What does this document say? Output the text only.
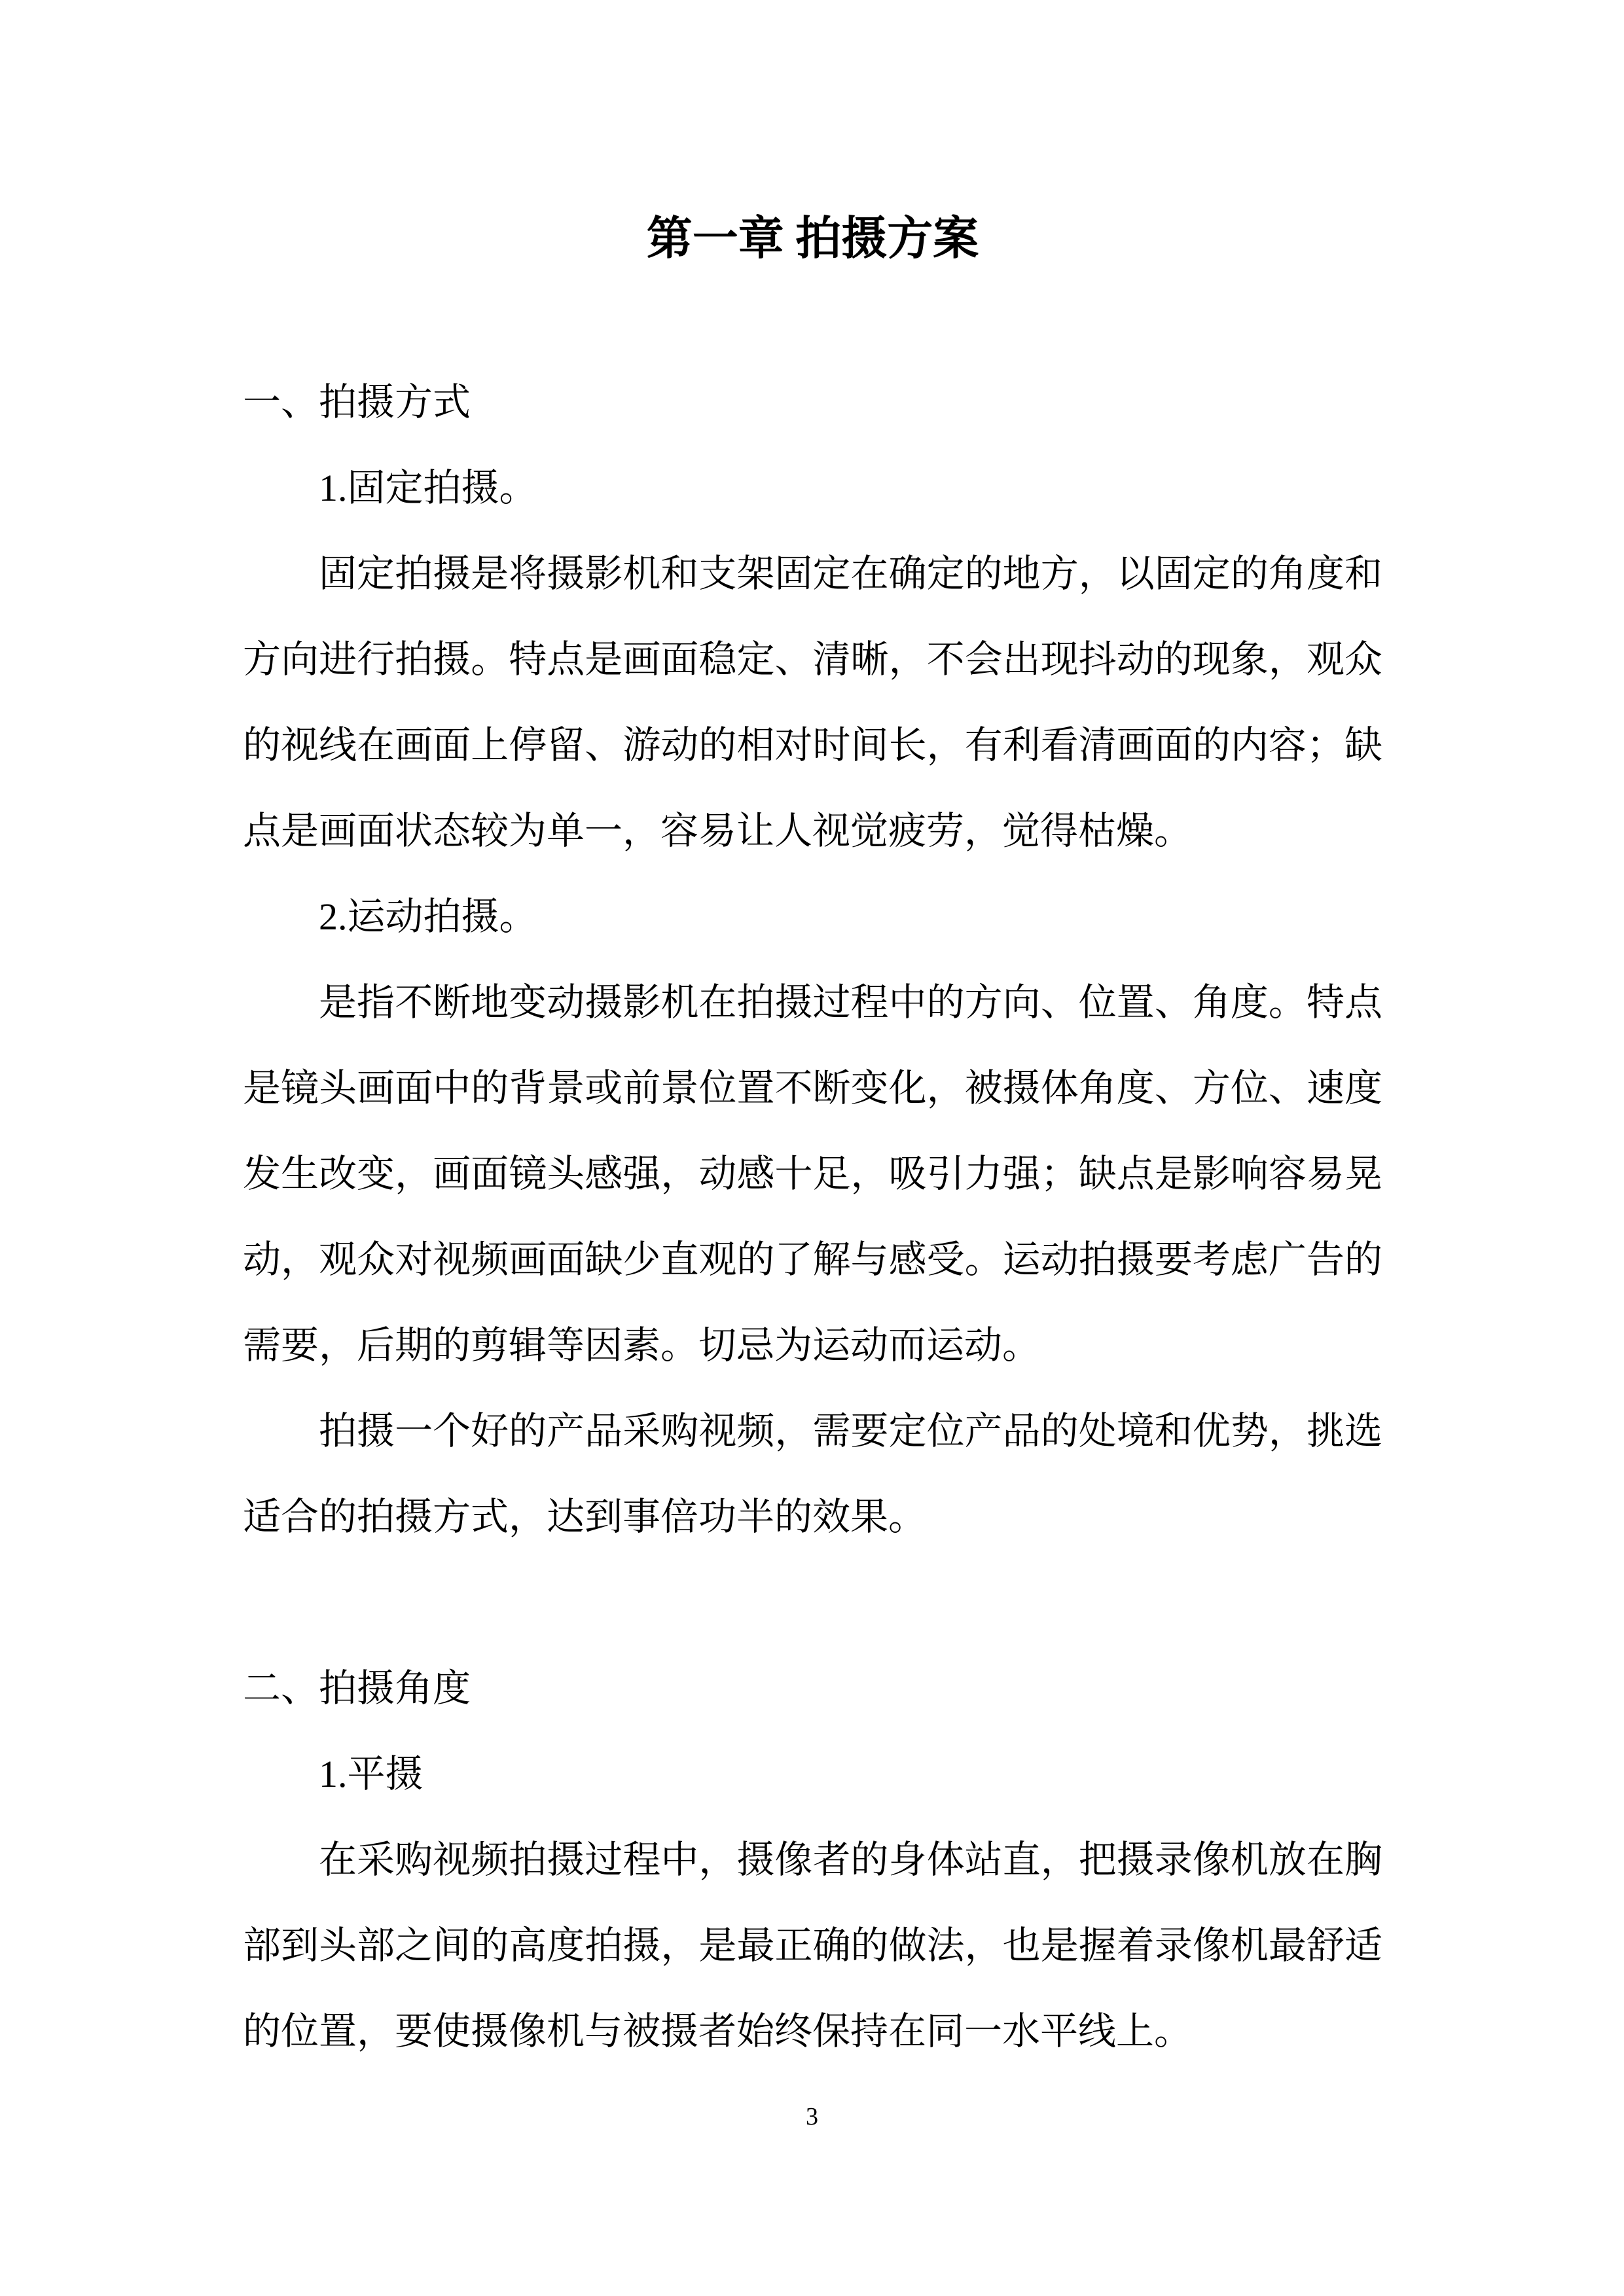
第一章 拍摄方案
一、拍摄方式

1.固定拍摄。

固定拍摄是将摄影机和支架固定在确定的地方，以固定的角度和方向进行拍摄。特点是画面稳定、清晰，不会出现抖动的现象，观众的视线在画面上停留、游动的相对时间长，有利看清画面的内容；缺点是画面状态较为单一，容易让人视觉疲劳，觉得枯燥。

2.运动拍摄。

是指不断地变动摄影机在拍摄过程中的方向、位置、角度。特点是镜头画面中的背景或前景位置不断变化，被摄体角度、方位、速度发生改变，画面镜头感强，动感十足，吸引力强；缺点是影响容易晃动，观众对视频画面缺少直观的了解与感受。运动拍摄要考虑广告的需要，后期的剪辑等因素。切忌为运动而运动。

拍摄一个好的产品采购视频，需要定位产品的处境和优势，挑选适合的拍摄方式，达到事倍功半的效果。

二、拍摄角度

1.平摄

在采购视频拍摄过程中，摄像者的身体站直，把摄录像机放在胸部到头部之间的高度拍摄，是最正确的做法，也是握着录像机最舒适的位置，要使摄像机与被摄者始终保持在同一水平线上。

3
